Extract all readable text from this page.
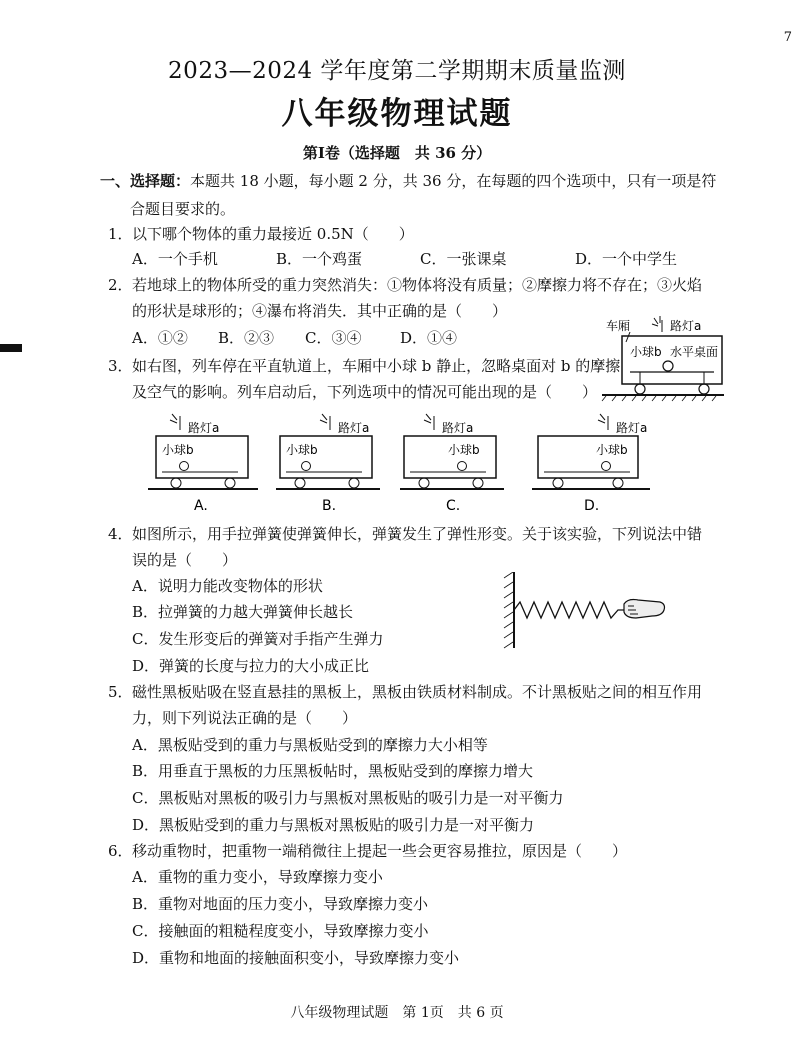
7
2023—2024 学年度第二学期期末质量监测
八年级物理试题
第Ⅰ卷（选择题　共 36 分）
一、选择题：本题共 18 小题，每小题 2 分，共 36 分，在每题的四个选项中，只有一项是符
合题目要求的。
1． 以下哪个物体的重力最接近 0.5N（　　）
A．一个手机	B．一个鸡蛋	C．一张课桌	D．一个中学生
2． 若地球上的物体所受的重力突然消失：①物体将没有质量；②摩擦力将不存在；③火焰
的形状是球形的；④瀑布将消失．其中正确的是（　　）
A．①② B．②③ C．③④	D．①④
车厢	路灯a
小球b 水平桌面
3． 如右图，列车停在平直轨道上，车厢中小球 b 静止，忽略桌面对 b 的摩擦
及空气的影响。列车启动后，下列选项中的情况可能出现的是（　　）
路灯a
小球b
A.
路灯a
小球b
B.
路灯a
小球b
C.
路灯a
小球b
D.
4． 如图所示，用手拉弹簧使弹簧伸长，弹簧发生了弹性形变。关于该实验，下列说法中错
误的是（　　）
A．说明力能改变物体的形状
B．拉弹簧的力越大弹簧伸长越长
C．发生形变后的弹簧对手指产生弹力
D．弹簧的长度与拉力的大小成正比
5． 磁性黑板贴吸在竖直悬挂的黑板上，黑板由铁质材料制成。不计黑板贴之间的相互作用
力，则下列说法正确的是（　　）
A．黑板贴受到的重力与黑板贴受到的摩擦力大小相等
B．用垂直于黑板的力压黑板帖时，黑板贴受到的摩擦力增大
C．黑板贴对黑板的吸引力与黑板对黑板贴的吸引力是一对平衡力
D．黑板贴受到的重力与黑板对黑板贴的吸引力是一对平衡力
6． 移动重物时，把重物一端稍微往上提起一些会更容易推拉，原因是（　　）
A．重物的重力变小，导致摩擦力变小
B．重物对地面的压力变小，导致摩擦力变小
C．接触面的粗糙程度变小，导致摩擦力变小
D．重物和地面的接触面积变小，导致摩擦力变小
八年级物理试题　第 1页　共 6 页
